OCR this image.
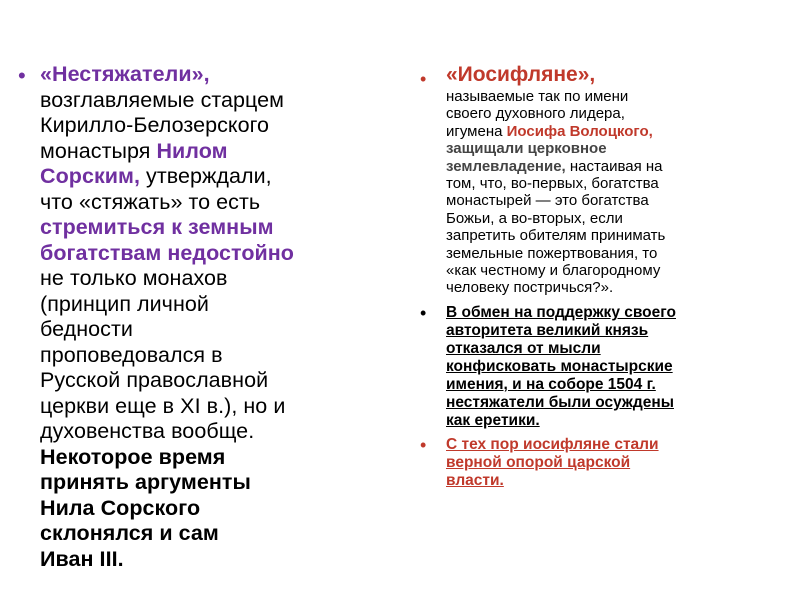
• «Нестяжатели»,
возглавляемые старцем
Кирилло-Белозерского
монастыря Нилом
Сорским, утверждали,
что «стяжать» то есть
стремиться к земным
богатствам недостойно
не только монахов
(принцип личной
бедности
проповедовался в
Русской православной
церкви еще в XI в.), но и
духовенства вообще.
Некоторое время
принять аргументы
Нила Сорского
склонялся и сам
Иван III.
• «Иосифляне»,
называемые так по имени
своего духовного лидера,
игумена Иосифа Волоцкого,
защищали церковное
землевладение, настаивая на
том, что, во-первых, богатства
монастырей — это богатства
Божьи, а во-вторых, если
запретить обителям принимать
земельные пожертвования, то
«как честному и благородному
человеку постричься?».
• В обмен на поддержку своего
авторитета великий князь
отказался от мысли
конфисковать монастырские
имения, и на соборе 1504 г.
нестяжатели были осуждены
как еретики.
• С тех пор иосифляне стали
верной опорой царской
власти.
